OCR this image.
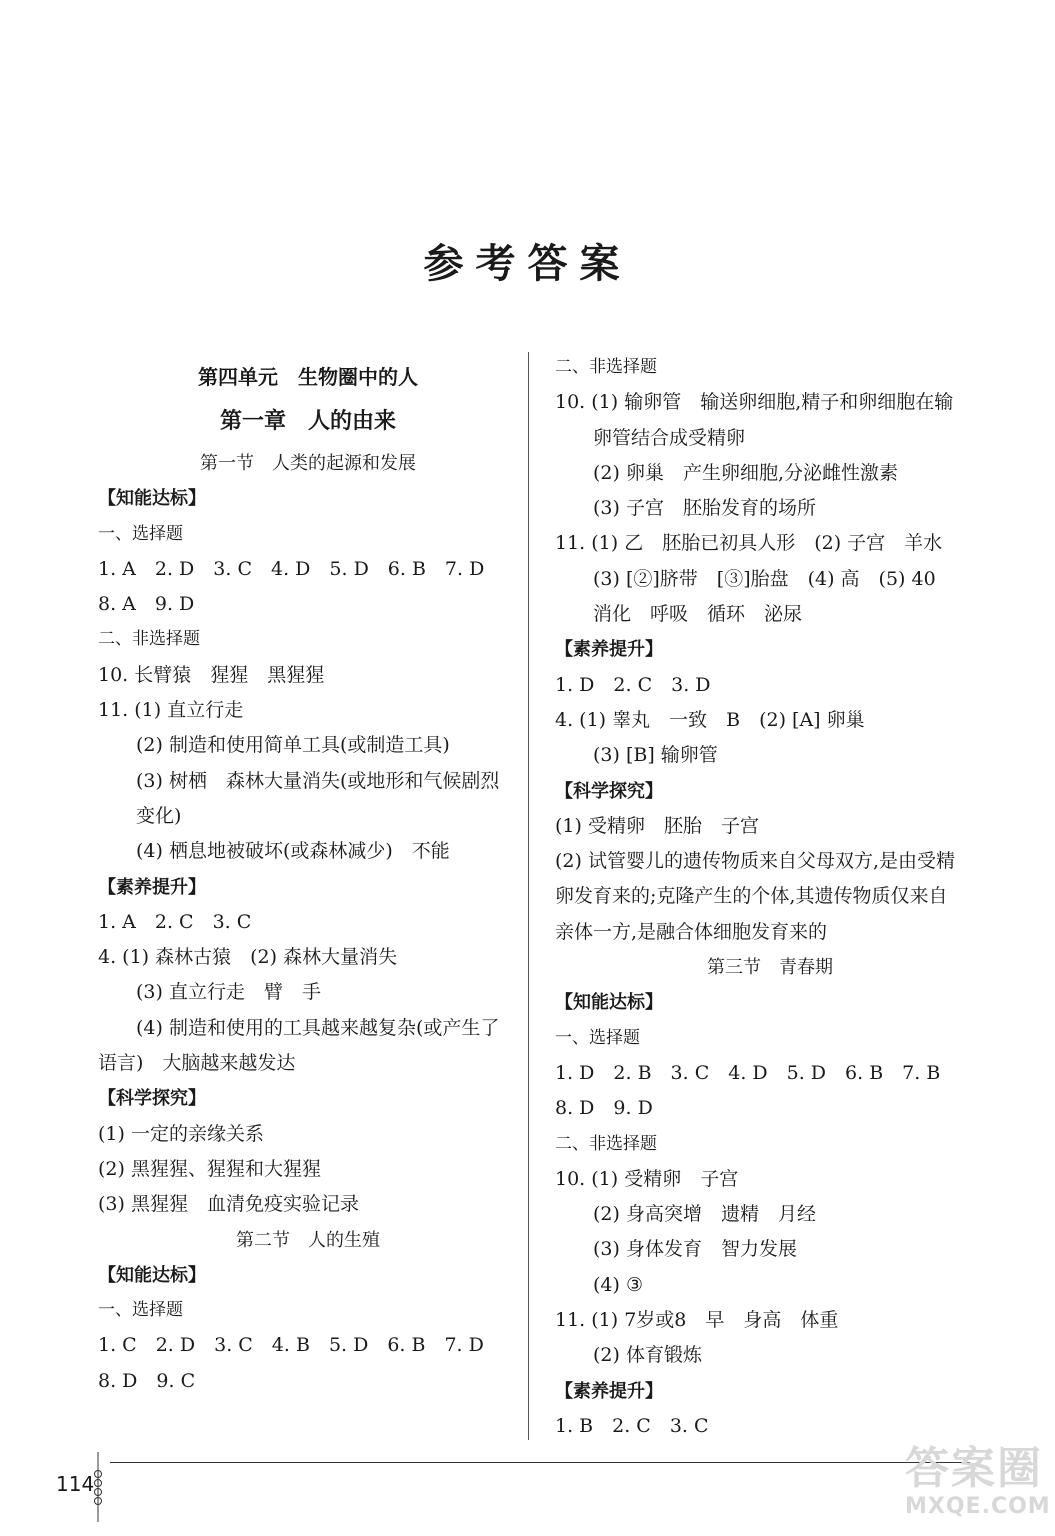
参考答案
第四单元　生物圈中的人
第一章　人的由来
第一节　人类的起源和发展
【知能达标】
一、选择题
1. A　2. D　3. C　4. D　5. D　6. B　7. D
8. A　9. D
二、非选择题
10. 长臂猿　猩猩　黑猩猩
11. (1) 直立行走
(2) 制造和使用简单工具(或制造工具)
(3) 树栖　森林大量消失(或地形和气候剧烈
变化)
(4) 栖息地被破坏(或森林减少)　不能
【素养提升】
1. A　2. C　3. C
4. (1) 森林古猿　(2) 森林大量消失
(3) 直立行走　臂　手
(4) 制造和使用的工具越来越复杂(或产生了
语言)　大脑越来越发达
【科学探究】
(1) 一定的亲缘关系
(2) 黑猩猩、猩猩和大猩猩
(3) 黑猩猩　血清免疫实验记录
第二节　人的生殖
【知能达标】
一、选择题
1. C　2. D　3. C　4. B　5. D　6. B　7. D
8. D　9. C
二、非选择题
10. (1) 输卵管　输送卵细胞,精子和卵细胞在输
卵管结合成受精卵
(2) 卵巢　产生卵细胞,分泌雌性激素
(3) 子宫　胚胎发育的场所
11. (1) 乙　胚胎已初具人形　(2) 子宫　羊水
(3) [②]脐带　[③]胎盘　(4) 高　(5) 40
消化　呼吸　循环　泌尿
【素养提升】
1. D　2. C　3. D
4. (1) 睾丸　一致　B　(2) [A] 卵巢
(3) [B] 输卵管
【科学探究】
(1) 受精卵　胚胎　子宫
(2) 试管婴儿的遗传物质来自父母双方,是由受精
卵发育来的;克隆产生的个体,其遗传物质仅来自
亲体一方,是融合体细胞发育来的
第三节　青春期
【知能达标】
一、选择题
1. D　2. B　3. C　4. D　5. D　6. B　7. B
8. D　9. D
二、非选择题
10. (1) 受精卵　子宫
(2) 身高突增　遗精　月经
(3) 身体发育　智力发展
(4) ③
11. (1) 7岁或8　早　身高　体重
(2) 体育锻炼
【素养提升】
1. B　2. C　3. C
114	答案圈
MXQE.COM
